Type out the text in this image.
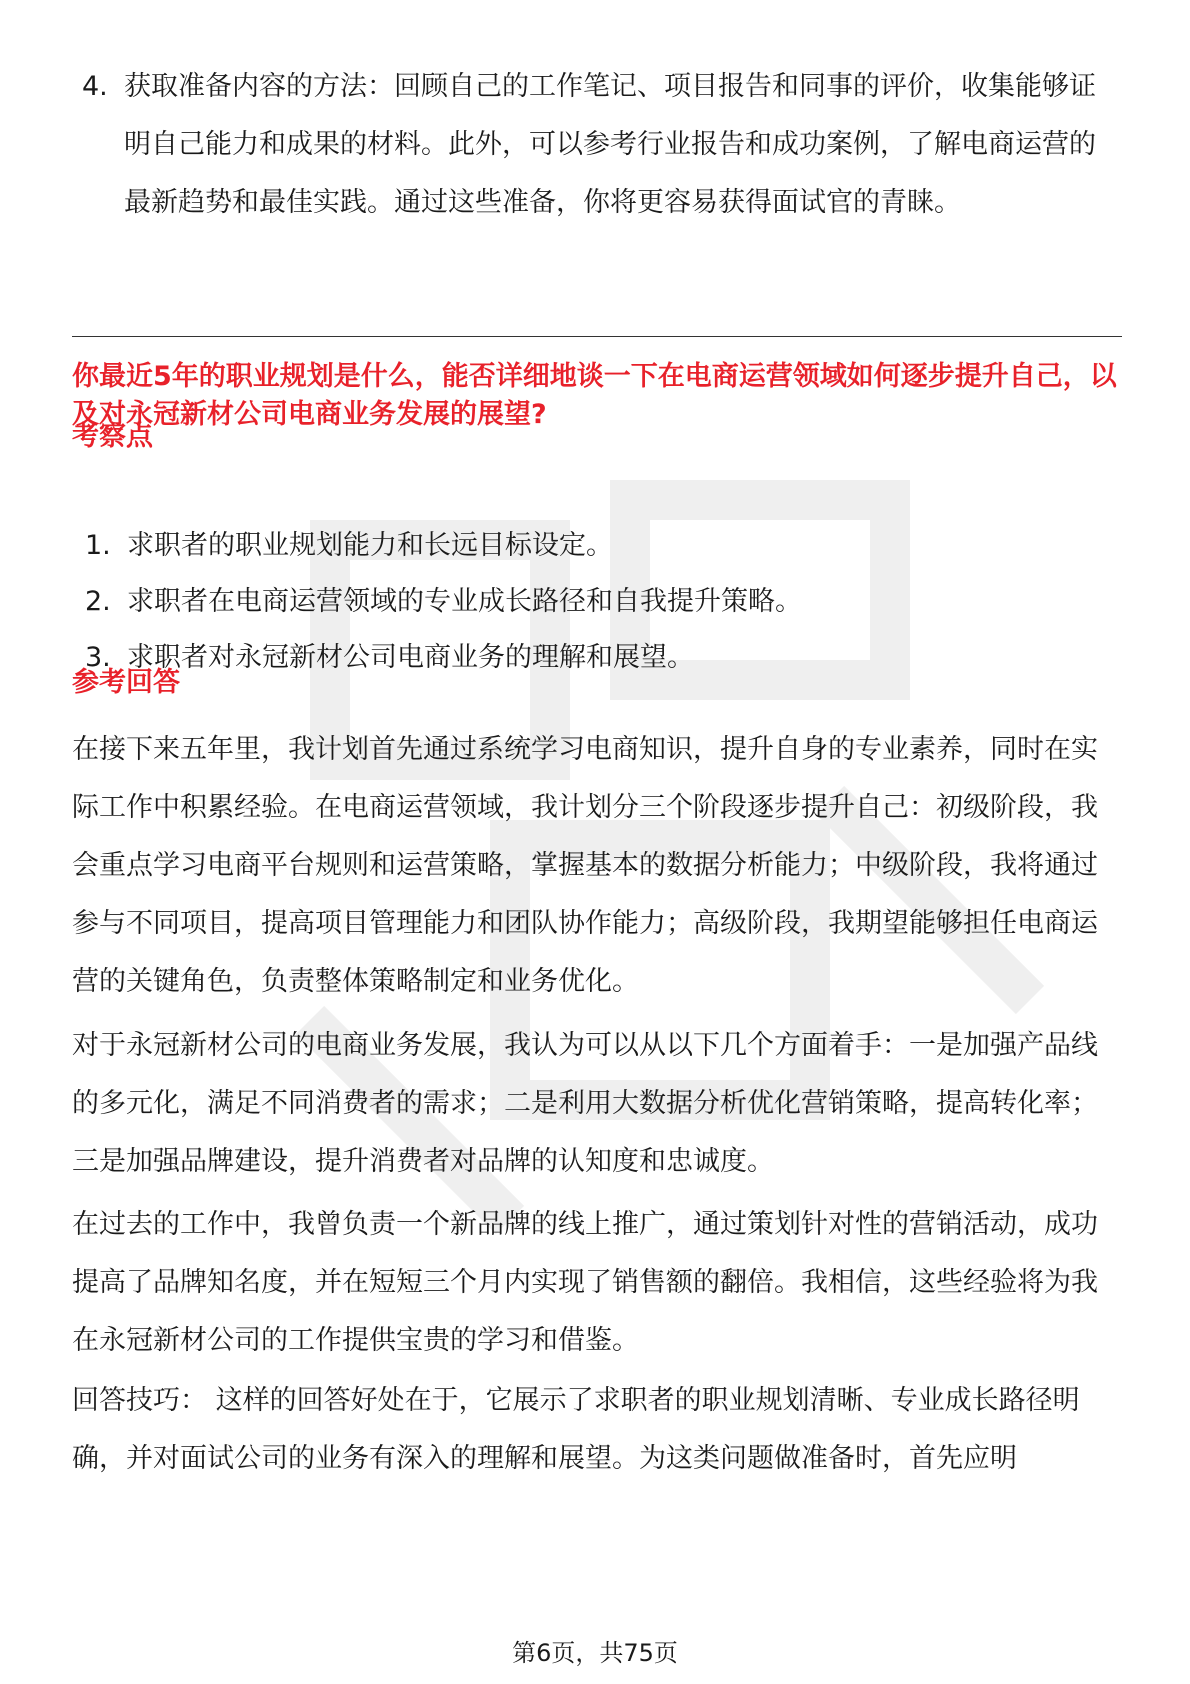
4. 获取准备内容的方法：回顾自己的工作笔记、项目报告和同事的评价，收集能够证明自己能力和成果的材料。此外，可以参考行业报告和成功案例，了解电商运营的最新趋势和最佳实践。通过这些准备，你将更容易获得面试官的青睐。
你最近5年的职业规划是什么，能否详细地谈一下在电商运营领域如何逐步提升自己，以及对永冠新材公司电商业务发展的展望?
考察点
1. 求职者的职业规划能力和长远目标设定。
2. 求职者在电商运营领域的专业成长路径和自我提升策略。
3. 求职者对永冠新材公司电商业务的理解和展望。
参考回答

在接下来五年里，我计划首先通过系统学习电商知识，提升自身的专业素养，同时在实际工作中积累经验。在电商运营领域，我计划分三个阶段逐步提升自己：初级阶段，我会重点学习电商平台规则和运营策略，掌握基本的数据分析能力；中级阶段，我将通过参与不同项目，提高项目管理能力和团队协作能力；高级阶段，我期望能够担任电商运营的关键角色，负责整体策略制定和业务优化。

对于永冠新材公司的电商业务发展，我认为可以从以下几个方面着手：一是加强产品线的多元化，满足不同消费者的需求；二是利用大数据分析优化营销策略，提高转化率；三是加强品牌建设，提升消费者对品牌的认知度和忠诚度。

在过去的工作中，我曾负责一个新品牌的线上推广，通过策划针对性的营销活动，成功提高了品牌知名度，并在短短三个月内实现了销售额的翻倍。我相信，这些经验将为我在永冠新材公司的工作提供宝贵的学习和借鉴。

回答技巧： 这样的回答好处在于，它展示了求职者的职业规划清晰、专业成长路径明确，并对面试公司的业务有深入的理解和展望。为这类问题做准备时，首先应明

第6页，共75页
